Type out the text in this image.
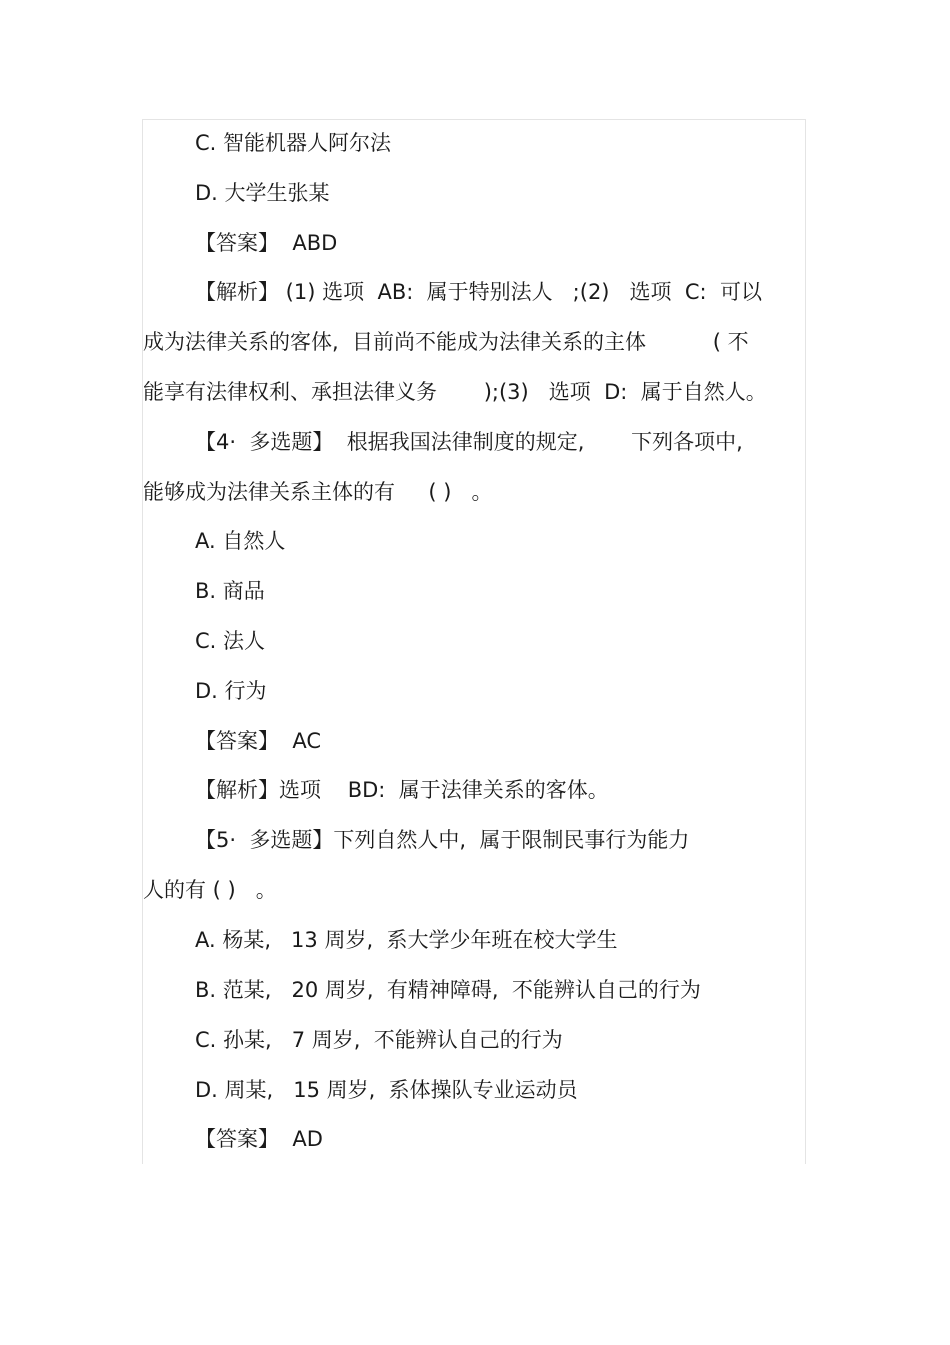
C. 智能机器人阿尔法
D. 大学生张某
【答案】  ABD
【解析】 (1) 选项  AB:  属于特别法人   ;(2)   选项  C:  可以
成为法律关系的客体,  目前尚不能成为法律关系的主体          ( 不
能享有法律权利、承担法律义务       );(3)   选项  D:  属于自然人。
【4·  多选题】  根据我国法律制度的规定,       下列各项中,
能够成为法律关系主体的有     ( )   。
A. 自然人
B. 商品
C. 法人
D. 行为
【答案】  AC
【解析】选项    BD:  属于法律关系的客体。
【5·  多选题】下列自然人中,  属于限制民事行为能力
人的有 ( )   。
A. 杨某,   13 周岁,  系大学少年班在校大学生
B. 范某,   20 周岁,  有精神障碍,  不能辨认自己的行为
C. 孙某,   7 周岁,  不能辨认自己的行为
D. 周某,   15 周岁,  系体操队专业运动员
【答案】  AD
